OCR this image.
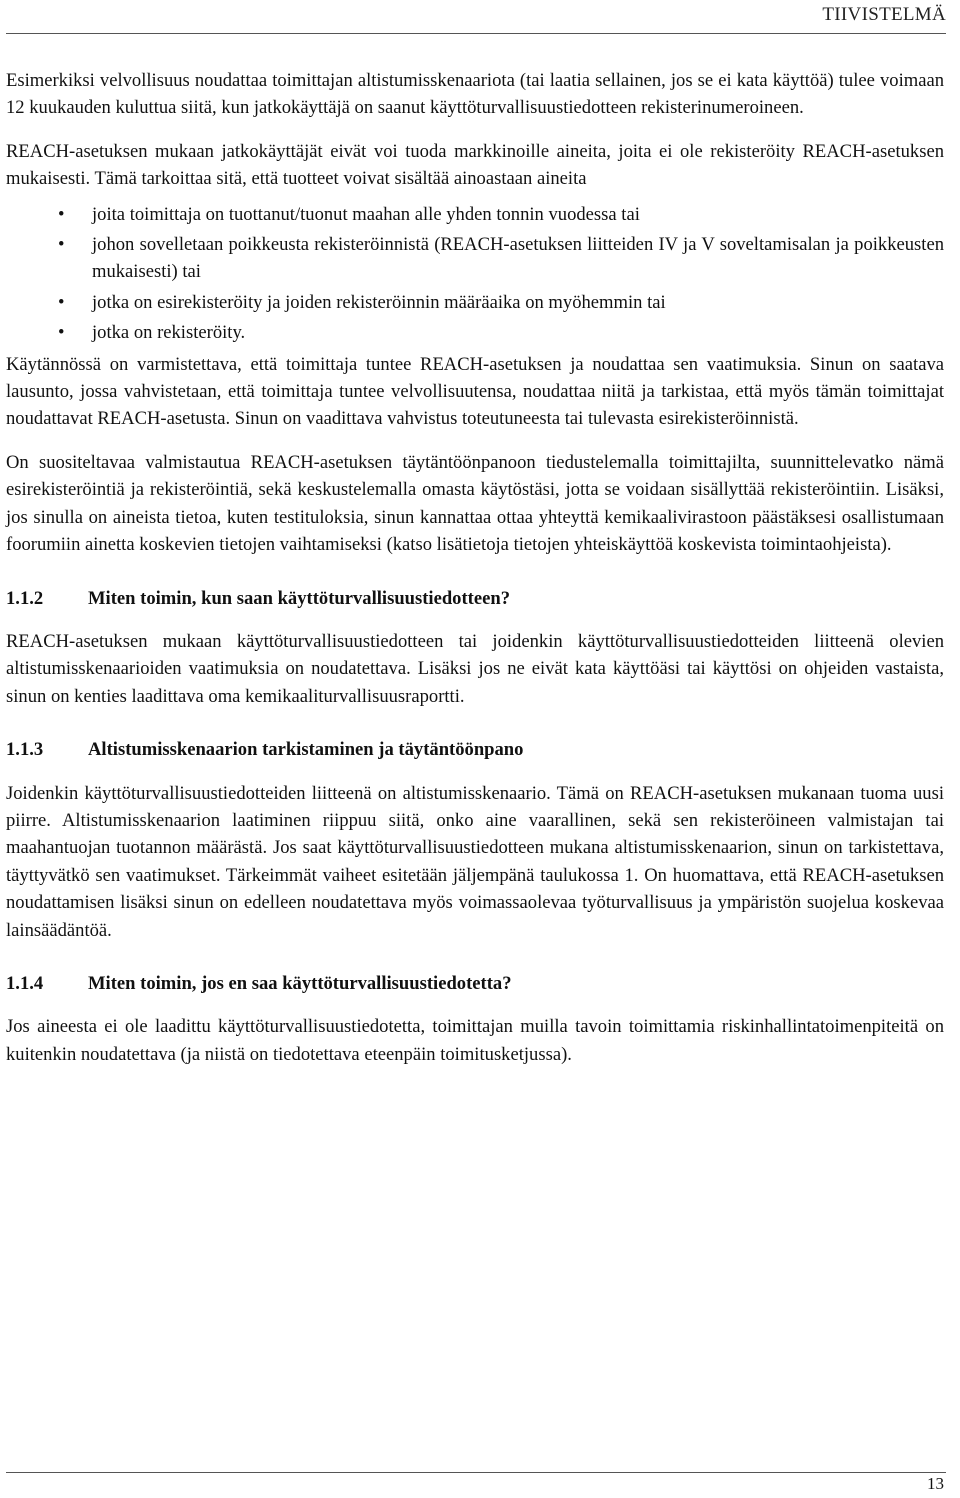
TIIVISTELMÄ

Esimerkiksi velvollisuus noudattaa toimittajan altistumisskenaariota (tai laatia sellainen, jos se ei kata käyttöä) tulee voimaan 12 kuukauden kuluttua siitä, kun jatkokäyttäjä on saanut käyttöturvallisuustiedotteen rekisterinumeroineen.

REACH-asetuksen mukaan jatkokäyttäjät eivät voi tuoda markkinoille aineita, joita ei ole rekisteröity REACH-asetuksen mukaisesti. Tämä tarkoittaa sitä, että tuotteet voivat sisältää ainoastaan aineita

• joita toimittaja on tuottanut/tuonut maahan alle yhden tonnin vuodessa tai
• johon sovelletaan poikkeusta rekisteröinnistä (REACH-asetuksen liitteiden IV ja V soveltamisalan ja poikkeusten mukaisesti) tai
• jotka on esirekisteröity ja joiden rekisteröinnin määräaika on myöhemmin tai
• jotka on rekisteröity.

Käytännössä on varmistettava, että toimittaja tuntee REACH-asetuksen ja noudattaa sen vaatimuksia. Sinun on saatava lausunto, jossa vahvistetaan, että toimittaja tuntee velvollisuutensa, noudattaa niitä ja tarkistaa, että myös tämän toimittajat noudattavat REACH-asetusta. Sinun on vaadittava vahvistus toteutuneesta tai tulevasta esirekisteröinnistä.

On suositeltavaa valmistautua REACH-asetuksen täytäntöönpanoon tiedustelemalla toimittajilta, suunnittelevatko nämä esirekisteröintiä ja rekisteröintiä, sekä keskustelemalla omasta käytöstäsi, jotta se voidaan sisällyttää rekisteröintiin. Lisäksi, jos sinulla on aineista tietoa, kuten testituloksia, sinun kannattaa ottaa yhteyttä kemikaalivirastoon päästäksesi osallistumaan foorumiin ainetta koskevien tietojen vaihtamiseksi (katso lisätietoja tietojen yhteiskäyttöä koskevista toimintaohjeista).

1.1.2	Miten toimin, kun saan käyttöturvallisuustiedotteen?

REACH-asetuksen mukaan käyttöturvallisuustiedotteen tai joidenkin käyttöturvallisuustiedotteiden liitteenä olevien altistumisskenaarioiden vaatimuksia on noudatettava. Lisäksi jos ne eivät kata käyttöäsi tai käyttösi on ohjeiden vastaista, sinun on kenties laadittava oma kemikaaliturvallisuusraportti.

1.1.3	Altistumisskenaarion tarkistaminen ja täytäntöönpano

Joidenkin käyttöturvallisuustiedotteiden liitteenä on altistumisskenaario. Tämä on REACH-asetuksen mukanaan tuoma uusi piirre. Altistumisskenaarion laatiminen riippuu siitä, onko aine vaarallinen, sekä sen rekisteröineen valmistajan tai maahantuojan tuotannon määrästä. Jos saat käyttöturvallisuustiedotteen mukana altistumisskenaarion, sinun on tarkistettava, täyttyvätkö sen vaatimukset. Tärkeimmät vaiheet esitetään jäljempänä taulukossa 1. On huomattava, että REACH-asetuksen noudattamisen lisäksi sinun on edelleen noudatettava myös voimassaolevaa työturvallisuus ja ympäristön suojelua koskevaa lainsäädäntöä.

1.1.4	Miten toimin, jos en saa käyttöturvallisuustiedotetta?

Jos aineesta ei ole laadittu käyttöturvallisuustiedotetta, toimittajan muilla tavoin toimittamia riskinhallintatoimenpiteitä on kuitenkin noudatettava (ja niistä on tiedotettava eteenpäin toimitusketjussa).

13
